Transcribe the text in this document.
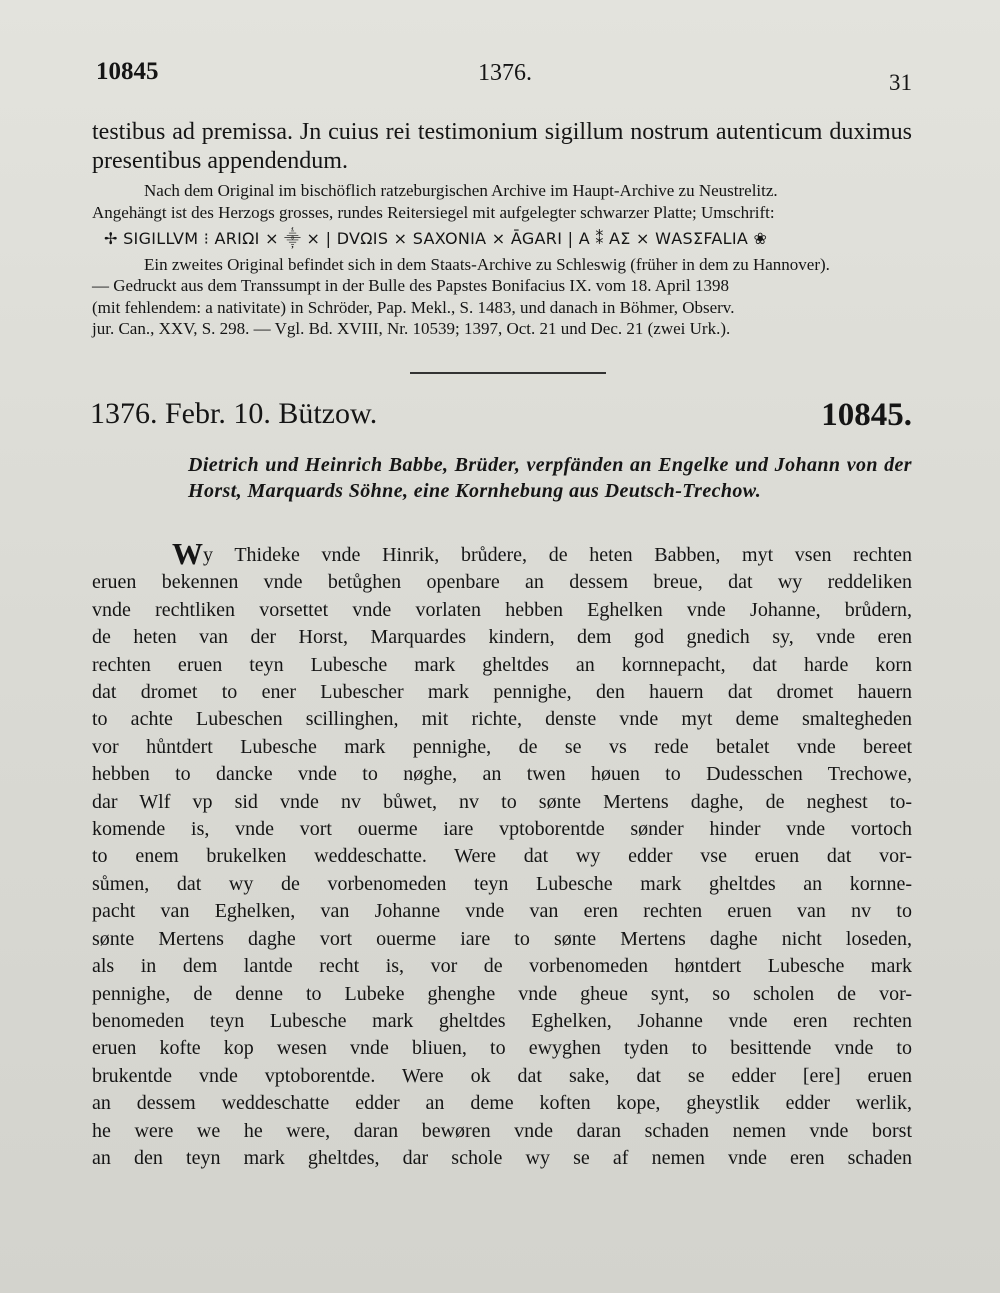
10845	1376.	31
testibus ad premissa. Jn cuius rei testimonium sigillum nostrum autenticum duximus presentibus appendendum.
Nach dem Original im bischöflich ratzeburgischen Archive im Haupt-Archive zu Neustrelitz.
Angehängt ist des Herzogs grosses, rundes Reitersiegel mit aufgelegter schwarzer Platte; Umschrift:
✢ SIGILLVM ⁝ ΑRIΩI × ⸎ × | DVΩIS × SAXONIΑ × ĀGARI | Α ⁑ ΑΣ × WΑSΣFALIΑ ❀
Ein zweites Original befindet sich in dem Staats-Archive zu Schleswig (früher in dem zu Hannover).
— Gedruckt aus dem Transsumpt in der Bulle des Papstes Bonifacius IX. vom 18. April 1398
(mit fehlendem: a nativitate) in Schröder, Pap. Mekl., S. 1483, und danach in Böhmer, Observ.
jur. Can., XXV, S. 298. — Vgl. Bd. XVIII, Nr. 10539; 1397, Oct. 21 und Dec. 21 (zwei Urk.).
1376. Febr. 10. Bützow.	10845.
Dietrich und Heinrich Babbe, Brüder, verpfänden an Engelke und Johann von der Horst, Marquards Söhne, eine Kornhebung aus Deutsch-Trechow.
Wy Thideke vnde Hinrik, brůdere, de heten Babben, myt vsen rechten
eruen bekennen vnde betůghen openbare an dessem breue, dat wy reddeliken
vnde rechtliken vorsettet vnde vorlaten hebben Eghelken vnde Johanne, brůdern,
de heten van der Horst, Marquardes kindern, dem god gnedich sy, vnde eren
rechten eruen teyn Lubesche mark gheltdes an kornnepacht, dat harde korn
dat dromet to ener Lubescher mark pennighe, den hauern dat dromet hauern
to achte Lubeschen scillinghen, mit richte, denste vnde myt deme smaltegheden
vor hůntdert Lubesche mark pennighe, de se vs rede betalet vnde bereet
hebben to dancke vnde to nøghe, an twen høuen to Dudesschen Trechowe,
dar Wlf vp sid vnde nv bůwet, nv to sønte Mertens daghe, de neghest to-
komende is, vnde vort ouerme iare vptoborentde sønder hinder vnde vortoch
to enem brukelken weddeschatte. Were dat wy edder vse eruen dat vor-
sůmen, dat wy de vorbenomeden teyn Lubesche mark gheltdes an kornne-
pacht van Eghelken, van Johanne vnde van eren rechten eruen van nv to
sønte Mertens daghe vort ouerme iare to sønte Mertens daghe nicht loseden,
als in dem lantde recht is, vor de vorbenomeden høntdert Lubesche mark
pennighe, de denne to Lubeke ghenghe vnde gheue synt, so scholen de vor-
benomeden teyn Lubesche mark gheltdes Eghelken, Johanne vnde eren rechten
eruen kofte kop wesen vnde bliuen, to ewyghen tyden to besittende vnde to
brukentde vnde vptoborentde. Were ok dat sake, dat se edder [ere] eruen
an dessem weddeschatte edder an deme koften kope, gheystlik edder werlik,
he were we he were, daran bewøren vnde daran schaden nemen vnde borst
an den teyn mark gheltdes, dar schole wy se af nemen vnde eren schaden
